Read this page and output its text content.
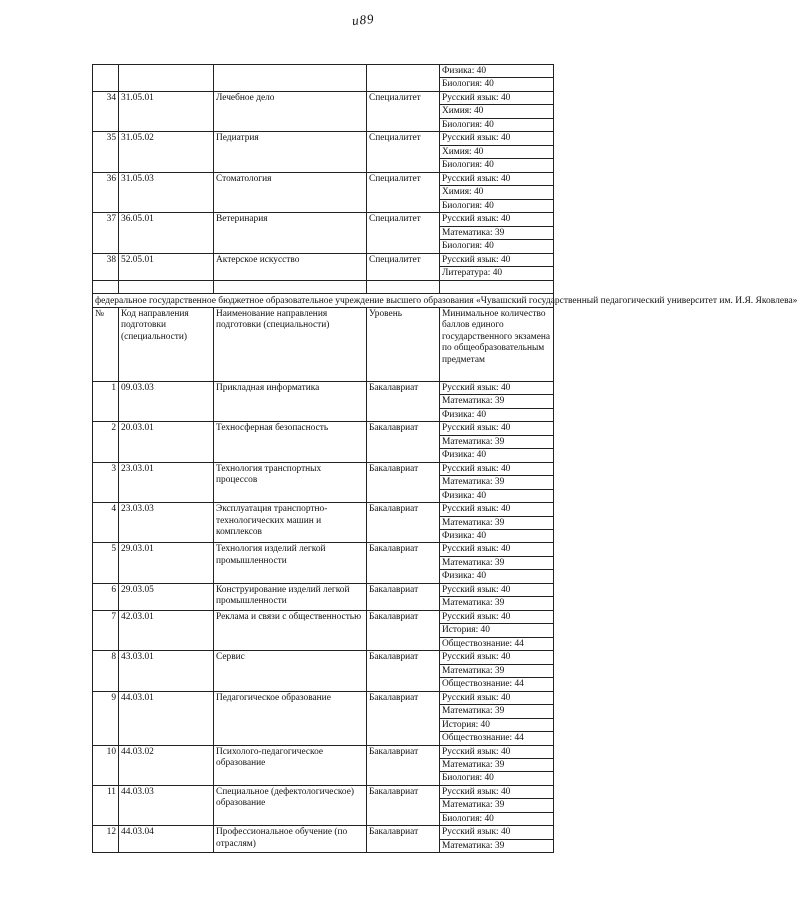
и89
				Физика: 40
				Биология: 40
34	31.05.01	Лечебное дело	Специалитет	Русский язык: 40
				Химия: 40
				Биология: 40
35	31.05.02	Педиатрия	Специалитет	Русский язык: 40
				Химия: 40
				Биология: 40
36	31.05.03	Стоматология	Специалитет	Русский язык: 40
				Химия: 40
				Биология: 40
37	36.05.01	Ветеринария	Специалитет	Русский язык: 40
				Математика: 39
				Биология: 40
38	52.05.01	Актерское искусство	Специалитет	Русский язык: 40
				Литература: 40

федеральное государственное бюджетное образовательное учреждение высшего образования «Чувашский государственный педагогический университет им. И.Я. Яковлева»				
№	Код направления подготовки (специальности)	Наименование направления подготовки (специальности)	Уровень	Минимальное количество баллов единого государственного экзамена по общеобразовательным предметам
1	09.03.03	Прикладная информатика	Бакалавриат	Русский язык: 40
				Математика: 39
				Физика: 40
2	20.03.01	Техносферная безопасность	Бакалавриат	Русский язык: 40
				Математика: 39
				Физика: 40
3	23.03.01	Технология транспортных процессов	Бакалавриат	Русский язык: 40
				Математика: 39
				Физика: 40
4	23.03.03	Эксплуатация транспортно-технологических машин и комплексов	Бакалавриат	Русский язык: 40
				Математика: 39
				Физика: 40
5	29.03.01	Технология изделий легкой промышленности	Бакалавриат	Русский язык: 40
				Математика: 39
				Физика: 40
6	29.03.05	Конструирование изделий легкой промышленности	Бакалавриат	Русский язык: 40
				Математика: 39
7	42.03.01	Реклама и связи с общественностью	Бакалавриат	Русский язык: 40
				История: 40
				Обществознание: 44
8	43.03.01	Сервис	Бакалавриат	Русский язык: 40
				Математика: 39
				Обществознание: 44
9	44.03.01	Педагогическое образование	Бакалавриат	Русский язык: 40
				Математика: 39
				История: 40
				Обществознание: 44
10	44.03.02	Психолого-педагогическое образование	Бакалавриат	Русский язык: 40
				Математика: 39
				Биология: 40
11	44.03.03	Специальное (дефектологическое) образование	Бакалавриат	Русский язык: 40
				Математика: 39
				Биология: 40
12	44.03.04	Профессиональное обучение (по отраслям)	Бакалавриат	Русский язык: 40
				Математика: 39
